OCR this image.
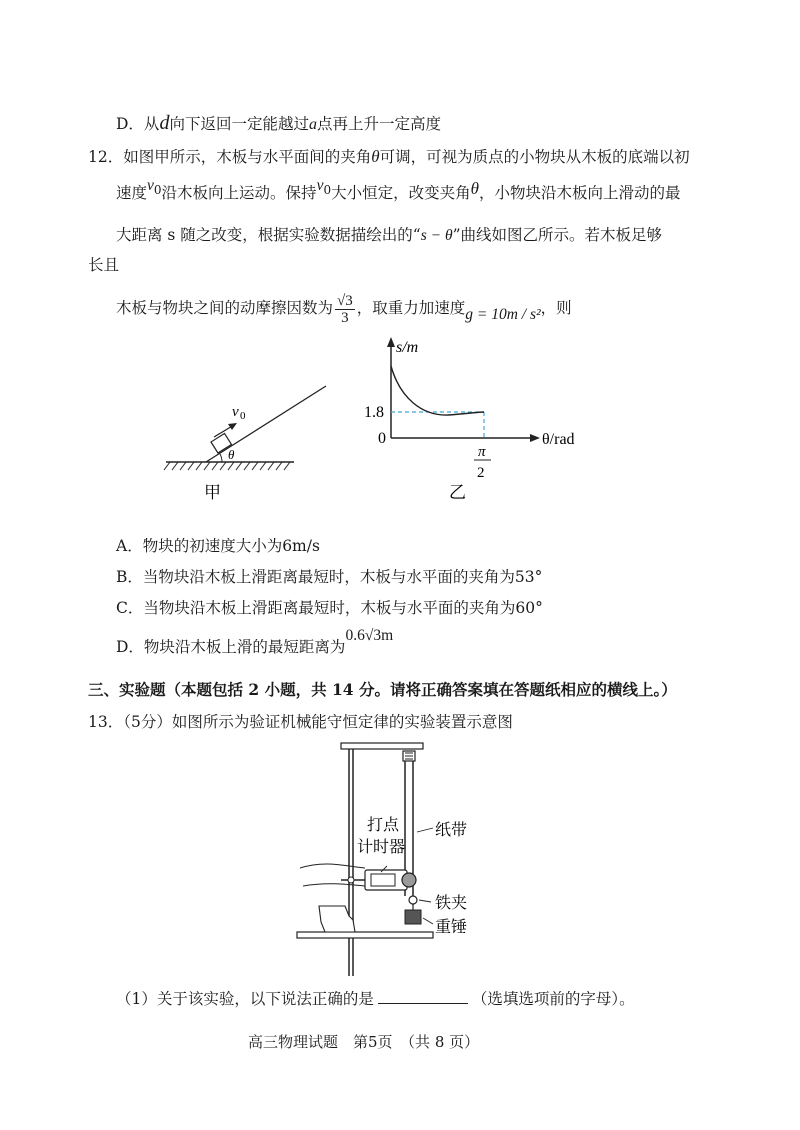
D．从d向下返回一定能越过a点再上升一定高度
12．如图甲所示，木板与水平面间的夹角θ可调，可视为质点的小物块从木板的底端以初
速度$v^0$沿木板向上运动。保持$v^0$大小恒定，改变夹角θ，小物块沿木板向上滑动的最
大距离 s 随之改变，根据实验数据描绘出的“s − θ”曲线如图乙所示。若木板足够
长且
木板与物块之间的动摩擦因数为 $\frac{√3}{3}$ ，取重力加速度g = 10m / s²，则
v 0
θ
甲
s/m
θ/rad
0
1.8
π
2
乙
A．物块的初速度大小为6m/s
B．当物块沿木板上滑距离最短时，木板与水平面的夹角为53°
C．当物块沿木板上滑距离最短时，木板与水平面的夹角为60°
D．物块沿木板上滑的最短距离为0.6√3m
三、实验题（本题包括 2 小题，共 14 分。请将正确答案填在答题纸相应的横线上。）
13．（5分）如图所示为验证机械能守恒定律的实验装置示意图
打点
计时器
纸带
铁夹
重锤
（1）关于该实验，以下说法正确的是	（选填选项前的字母）。
高三物理试题　第5页　（共 8 页）
